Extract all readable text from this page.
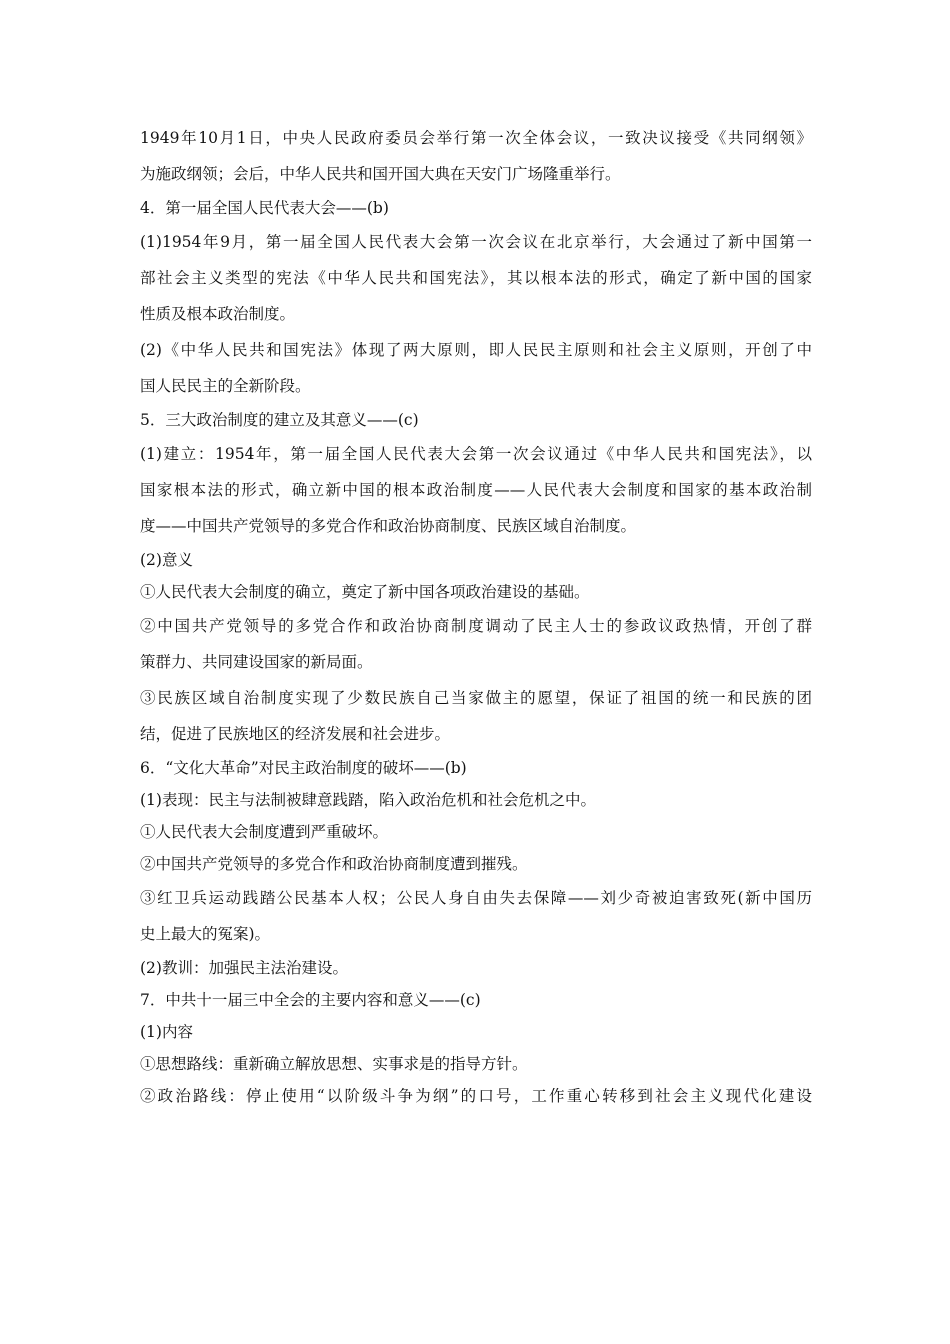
1949年10月1日，中央人民政府委员会举行第一次全体会议，一致决议接受《共同纲领》
为施政纲领；会后，中华人民共和国开国大典在天安门广场隆重举行。
4．第一届全国人民代表大会——(b)
(1)1954年9月，第一届全国人民代表大会第一次会议在北京举行，大会通过了新中国第一
部社会主义类型的宪法《中华人民共和国宪法》，其以根本法的形式，确定了新中国的国家
性质及根本政治制度。
(2)《中华人民共和国宪法》体现了两大原则，即人民民主原则和社会主义原则，开创了中
国人民民主的全新阶段。
5．三大政治制度的建立及其意义——(c)
(1)建立：1954年，第一届全国人民代表大会第一次会议通过《中华人民共和国宪法》，以
国家根本法的形式，确立新中国的根本政治制度——人民代表大会制度和国家的基本政治制
度——中国共产党领导的多党合作和政治协商制度、民族区域自治制度。
(2)意义
①人民代表大会制度的确立，奠定了新中国各项政治建设的基础。
②中国共产党领导的多党合作和政治协商制度调动了民主人士的参政议政热情，开创了群
策群力、共同建设国家的新局面。
③民族区域自治制度实现了少数民族自己当家做主的愿望，保证了祖国的统一和民族的团
结，促进了民族地区的经济发展和社会进步。
6．“文化大革命”对民主政治制度的破坏——(b)
(1)表现：民主与法制被肆意践踏，陷入政治危机和社会危机之中。
①人民代表大会制度遭到严重破坏。
②中国共产党领导的多党合作和政治协商制度遭到摧残。
③红卫兵运动践踏公民基本人权；公民人身自由失去保障——刘少奇被迫害致死(新中国历
史上最大的冤案)。
(2)教训：加强民主法治建设。
7．中共十一届三中全会的主要内容和意义——(c)
(1)内容
①思想路线：重新确立解放思想、实事求是的指导方针。
②政治路线：停止使用“以阶级斗争为纲”的口号，工作重心转移到社会主义现代化建设
